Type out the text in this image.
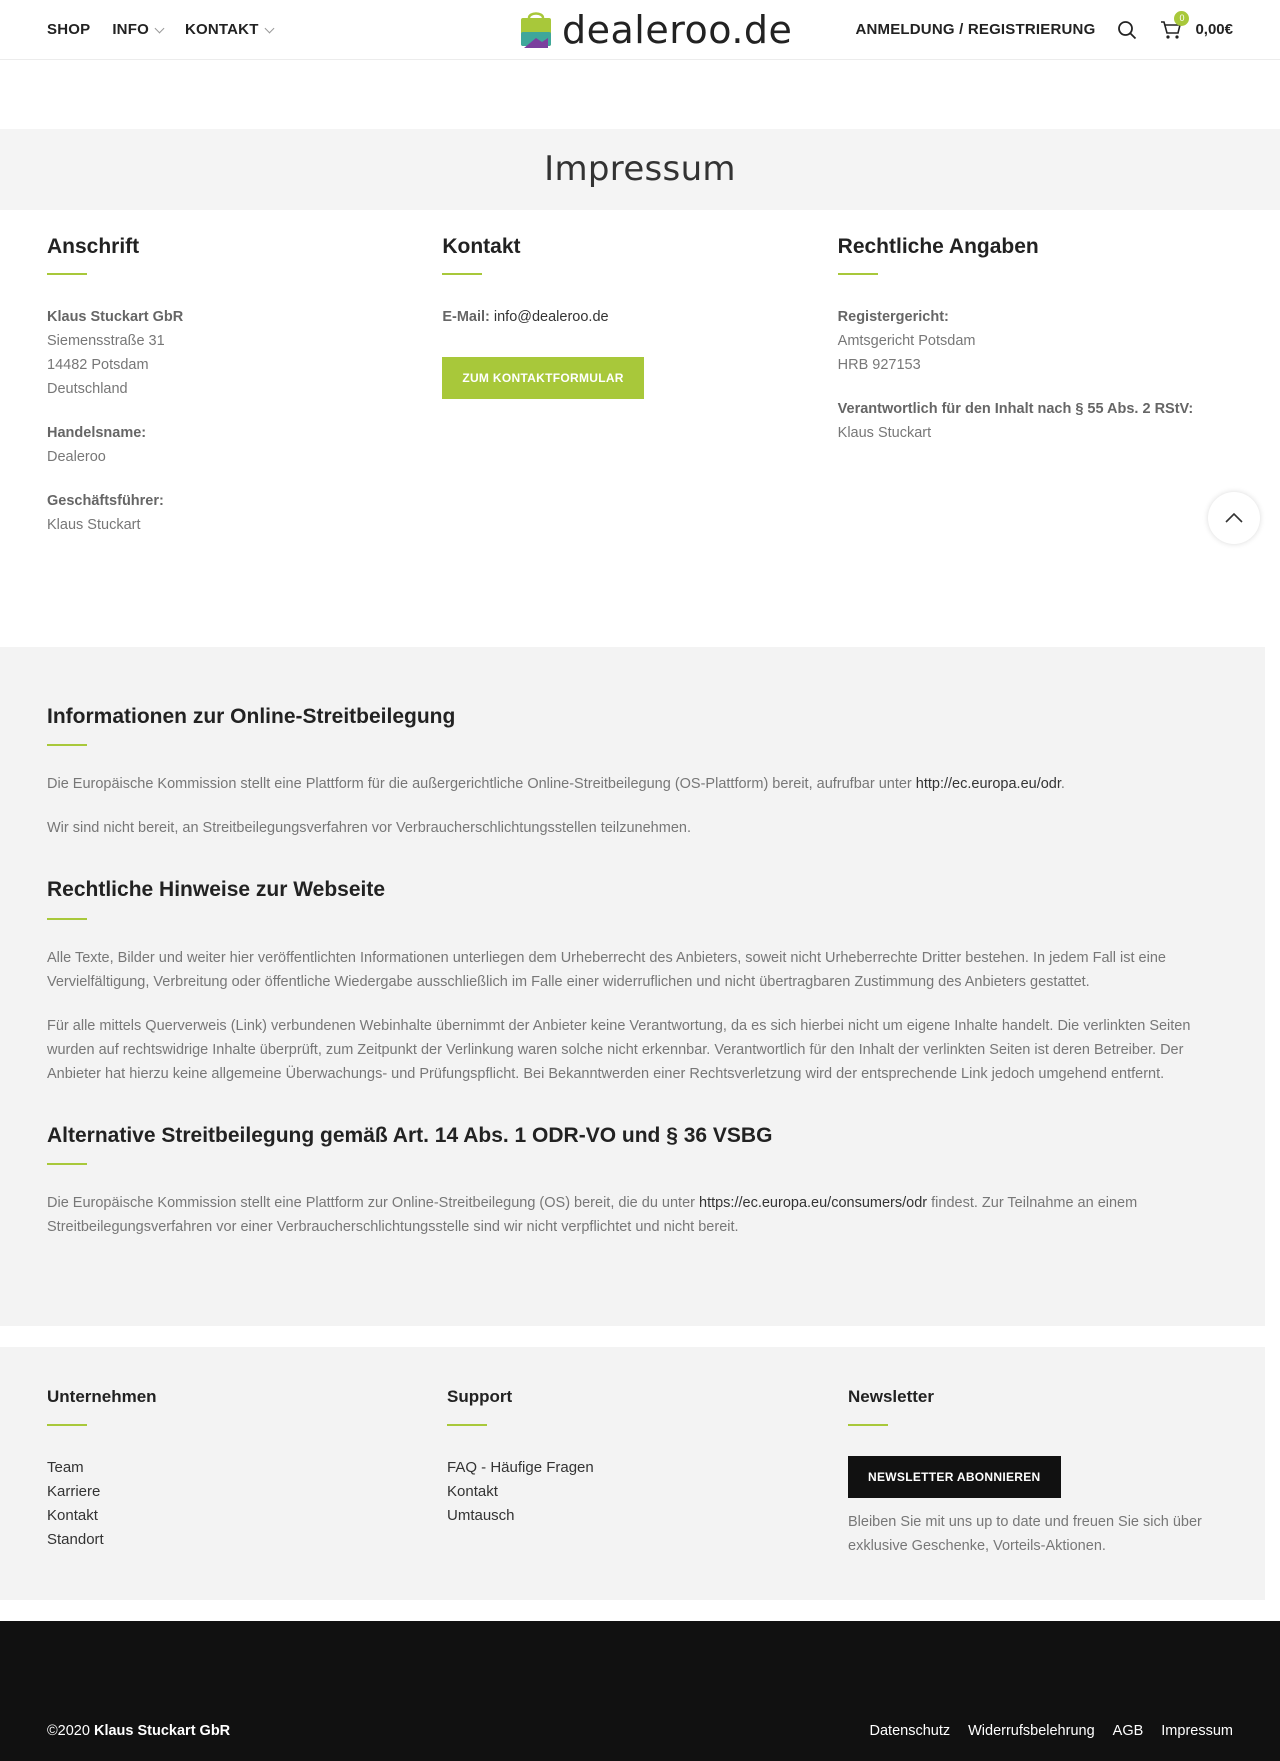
SHOP INFO KONTAKT	dealeroo.de	ANMELDUNG / REGISTRIERUNG
0
0,00€
Impressum
Anschrift

Klaus Stuckart GbR

Siemensstraße 31

14482 Potsdam

Deutschland

Handelsname:

Dealeroo

Geschäftsführer:

Klaus Stuckart

Kontakt

E-Mail: info@dealeroo.de

ZUM KONTAKTFORMULAR
Rechtliche Angaben

Registergericht:

Amtsgericht Potsdam

HRB 927153

Verantwortlich für den Inhalt nach § 55 Abs. 2 RStV:

Klaus Stuckart

Informationen zur Online-Streitbeilegung

Die Europäische Kommission stellt eine Plattform für die außergerichtliche Online-Streitbeilegung (OS-Plattform) bereit, aufrufbar unter http://ec.europa.eu/odr.

Wir sind nicht bereit, an Streitbeilegungsverfahren vor Verbraucherschlichtungsstellen teilzunehmen.

Rechtliche Hinweise zur Webseite

Alle Texte, Bilder und weiter hier veröffentlichten Informationen unterliegen dem Urheberrecht des Anbieters, soweit nicht Urheberrechte Dritter bestehen. In jedem Fall ist eine Vervielfältigung, Verbreitung oder öffentliche Wiedergabe ausschließlich im Falle einer widerruflichen und nicht übertragbaren Zustimmung des Anbieters gestattet.

Für alle mittels Querverweis (Link) verbundenen Webinhalte übernimmt der Anbieter keine Verantwortung, da es sich hierbei nicht um eigene Inhalte handelt. Die verlinkten Seiten wurden auf rechtswidrige Inhalte überprüft, zum Zeitpunkt der Verlinkung waren solche nicht erkennbar. Verantwortlich für den Inhalt der verlinkten Seiten ist deren Betreiber. Der Anbieter hat hierzu keine allgemeine Überwachungs- und Prüfungspflicht. Bei Bekanntwerden einer Rechtsverletzung wird der entsprechende Link jedoch umgehend entfernt.

Alternative Streitbeilegung gemäß Art. 14 Abs. 1 ODR-VO und § 36 VSBG

Die Europäische Kommission stellt eine Plattform zur Online-Streitbeilegung (OS) bereit, die du unter https://ec.europa.eu/consumers/odr findest. Zur Teilnahme an einem Streitbeilegungsverfahren vor einer Verbraucherschlichtungsstelle sind wir nicht verpflichtet und nicht bereit.

Unternehmen
Team
Karriere
Kontakt
Standort
Support
FAQ - Häufige Fragen
Kontakt
Umtausch
Newsletter
NEWSLETTER ABONNIEREN

Bleiben Sie mit uns up to date und freuen Sie sich über exklusive Geschenke, Vorteils-Aktionen.

©2020 Klaus Stuckart GbR	Datenschutz Widerrufsbelehrung AGB Impressum
